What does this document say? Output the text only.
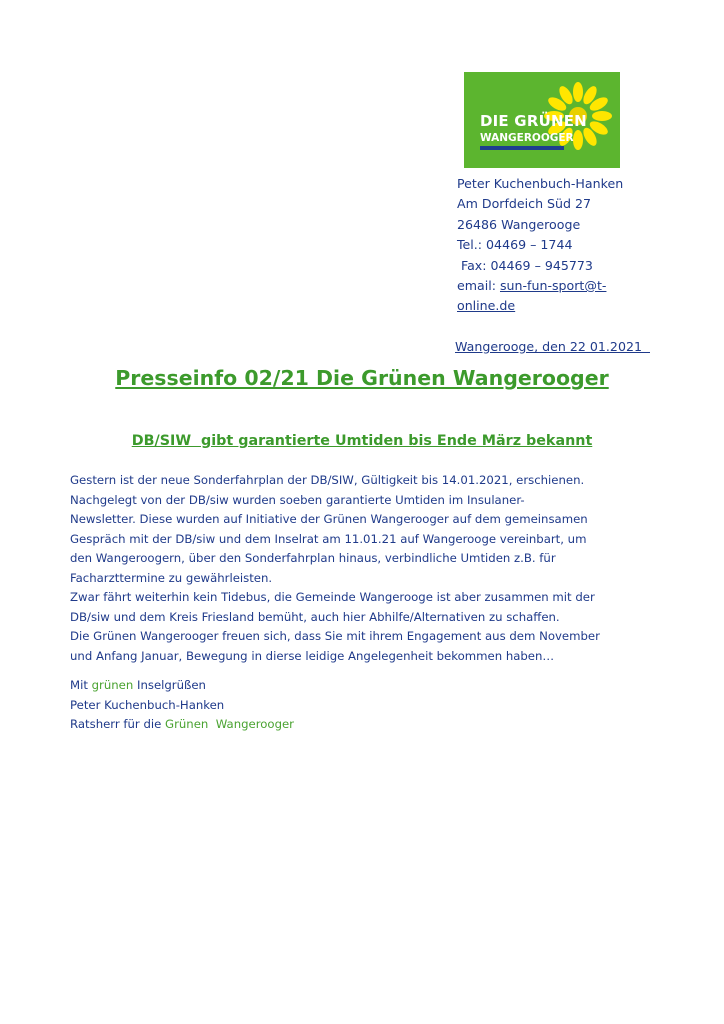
DIE GRÜNEN
WANGEROOGER
Peter Kuchenbuch-Hanken
Am Dorfdeich Süd 27
26486 Wangerooge
Tel.: 04469 – 1744
Fax: 04469 – 945773
email: sun-fun-sport@t-
online.de
Wangerooge, den 22 01.2021
Presseinfo 02/21 Die Grünen Wangerooger
DB/SIW  gibt garantierte Umtiden bis Ende März bekannt
Gestern ist der neue Sonderfahrplan der DB/SIW, Gültigkeit bis 14.01.2021, erschienen.
Nachgelegt von der DB/siw wurden soeben garantierte Umtiden im Insulaner-
Newsletter. Diese wurden auf Initiative der Grünen Wangerooger auf dem gemeinsamen
Gespräch mit der DB/siw und dem Inselrat am 11.01.21 auf Wangerooge vereinbart, um
den Wangeroogern, über den Sonderfahrplan hinaus, verbindliche Umtiden z.B. für
Facharzttermine zu gewährleisten.
Zwar fährt weiterhin kein Tidebus, die Gemeinde Wangerooge ist aber zusammen mit der
DB/siw und dem Kreis Friesland bemüht, auch hier Abhilfe/Alternativen zu schaffen.
Die Grünen Wangerooger freuen sich, dass Sie mit ihrem Engagement aus dem November
und Anfang Januar, Bewegung in dierse leidige Angelegenheit bekommen haben…
Mit grünen Inselgrüßen
Peter Kuchenbuch-Hanken
Ratsherr für die Grünen  Wangerooger
